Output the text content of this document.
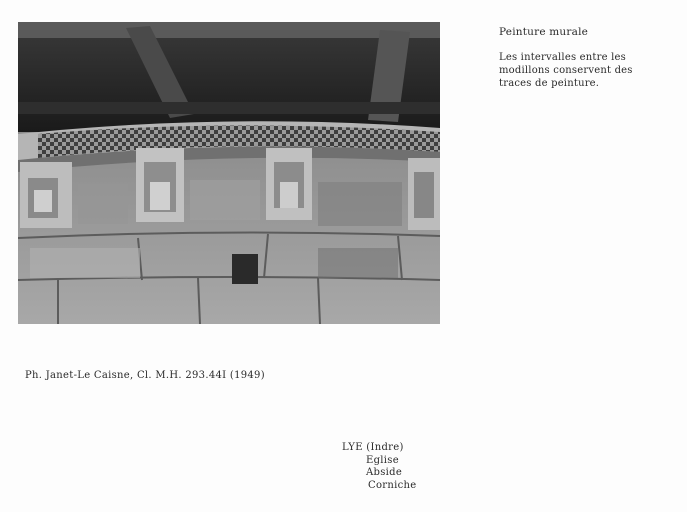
Peinture murale
Les intervalles entre les
modillons conservent des
traces de peinture.
Ph. Janet-Le Caisne, Cl. M.H. 293.44I (1949)
LYE (Indre)
Eglise
Abside
Corniche
